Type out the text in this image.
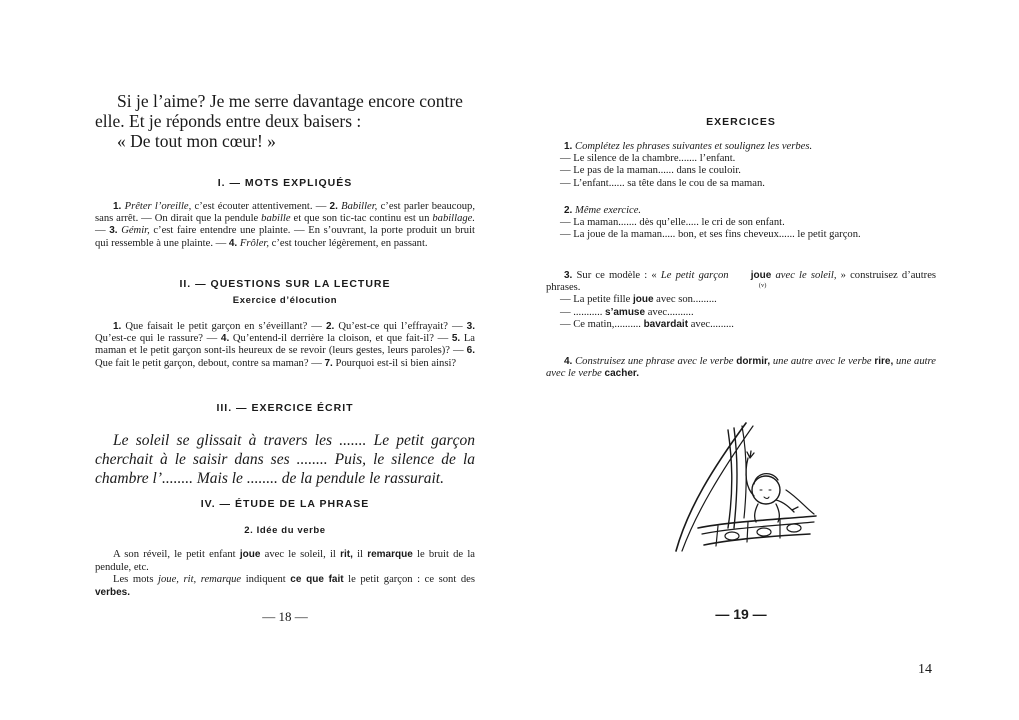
Si je l’aime? Je me serre davantage encore contre
elle. Et je réponds entre deux baisers :
« De tout mon cœur! »
I. — MOTS EXPLIQUÉS

1. Prêter l’oreille, c’est écouter attentivement. — 2. Babiller, c’est parler beaucoup, sans arrêt. — On dirait que la pendule babille et que son tic-tac continu est un babillage. — 3. Gémir, c’est faire entendre une plainte. — En s’ouvrant, la porte produit un bruit qui ressemble à une plainte. — 4. Frôler, c’est toucher légèrement, en passant.

II. — QUESTIONS SUR LA LECTURE
Exercice d’élocution

1. Que faisait le petit garçon en s’éveillant? — 2. Qu’est-ce qui l’effrayait? — 3. Qu’est-ce qui le rassure? — 4. Qu’entend-il derrière la cloison, et que fait-il? — 5. La maman et le petit garçon sont-ils heureux de se revoir (leurs gestes, leurs paroles)? — 6. Que fait le petit garçon, debout, contre sa maman? — 7. Pourquoi est-il si bien ainsi?

III. — EXERCICE ÉCRIT
Le soleil se glissait à travers les ....... Le petit garçon cherchait à le saisir dans ses ........ Puis, le silence de la chambre l’........ Mais le ........ de la pendule le rassurait.
IV. — ÉTUDE DE LA PHRASE
2. Idée du verbe

A son réveil, le petit enfant joue avec le soleil, il rit, il remarque le bruit de la pendule, etc.

Les mots joue, rit, remarque indiquent ce que fait le petit garçon : ce sont des verbes.

— 18 —
EXERCICES

1. Complétez les phrases suivantes et soulignez les verbes.

— Le silence de la chambre....... l’enfant.

— Le pas de la maman...... dans le couloir.

— L’enfant...... sa tête dans le cou de sa maman.

2. Même exercice.

— La maman....... dès qu’elle..... le cri de son enfant.

— La joue de la maman..... bon, et ses fins cheveux...... le petit garçon.

3. Sur ce modèle : « Le petit garçon joue
(v)
avec le soleil, » construisez d’autres phrases.

— La petite fille joue avec son.........

— ........... s’amuse avec..........

— Ce matin,.......... bavardait avec.........

4. Construisez une phrase avec le verbe dormir, une autre avec le verbe rire, une autre avec le verbe cacher.

— 19 —
14
